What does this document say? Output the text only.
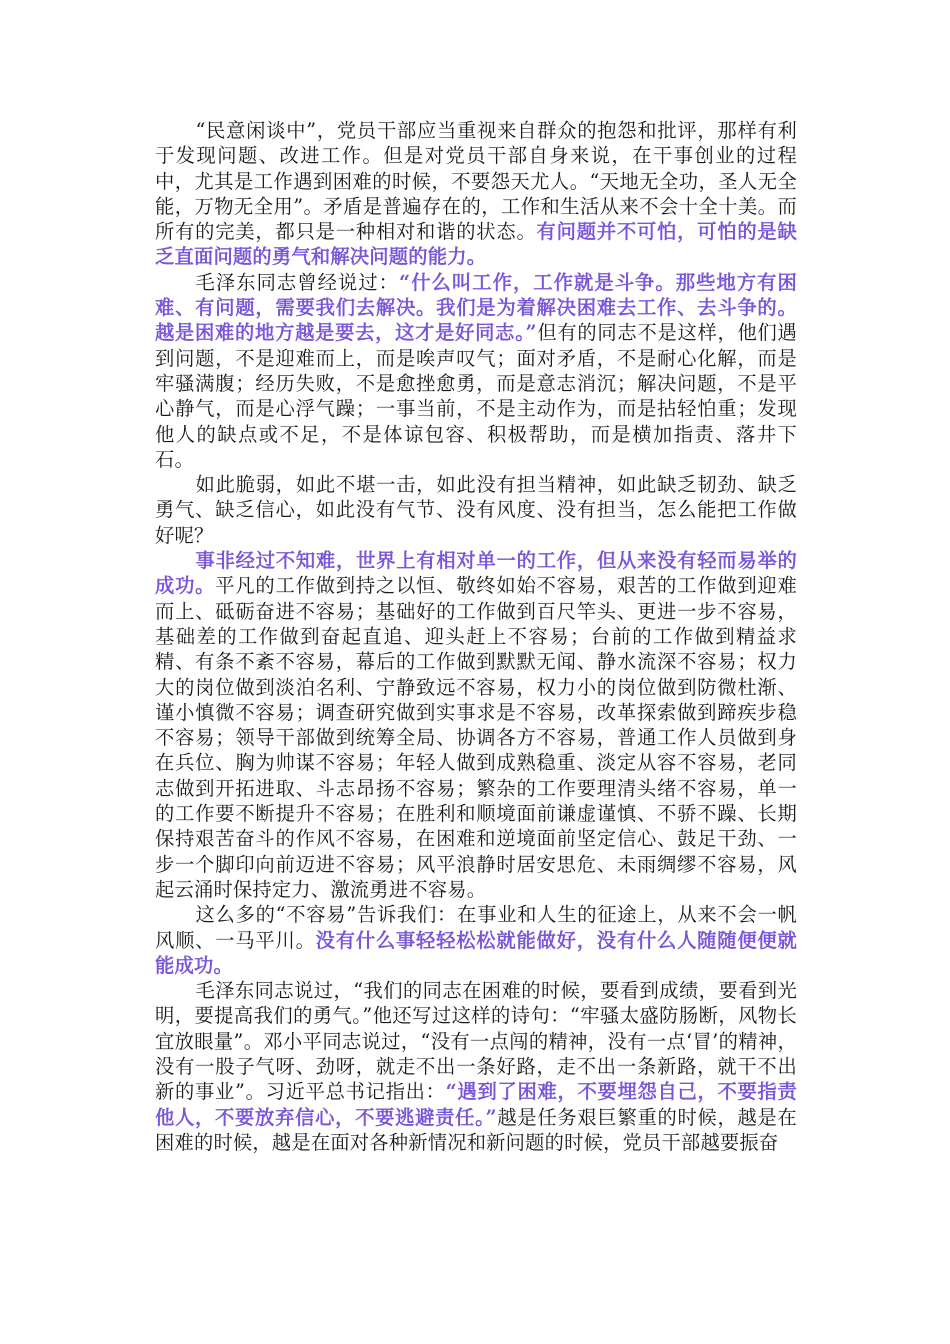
“民意闲谈中”，党员干部应当重视来自群众的抱怨和批评，那样有利于发现问题、改进工作。但是对党员干部自身来说，在干事创业的过程中，尤其是工作遇到困难的时候，不要怨天尤人。“天地无全功，圣人无全能，万物无全用”。矛盾是普遍存在的，工作和生活从来不会十全十美。而所有的完美，都只是一种相对和谐的状态。有问题并不可怕，可怕的是缺乏直面问题的勇气和解决问题的能力。

毛泽东同志曾经说过：“什么叫工作，工作就是斗争。那些地方有困难、有问题，需要我们去解决。我们是为着解决困难去工作、去斗争的。越是困难的地方越是要去，这才是好同志。”但有的同志不是这样，他们遇到问题，不是迎难而上，而是唉声叹气；面对矛盾，不是耐心化解，而是牢骚满腹；经历失败，不是愈挫愈勇，而是意志消沉；解决问题，不是平心静气，而是心浮气躁；一事当前，不是主动作为，而是拈轻怕重；发现他人的缺点或不足，不是体谅包容、积极帮助，而是横加指责、落井下石。

如此脆弱，如此不堪一击，如此没有担当精神，如此缺乏韧劲、缺乏勇气、缺乏信心，如此没有气节、没有风度、没有担当，怎么能把工作做好呢？

事非经过不知难，世界上有相对单一的工作，但从来没有轻而易举的成功。平凡的工作做到持之以恒、敬终如始不容易，艰苦的工作做到迎难而上、砥砺奋进不容易；基础好的工作做到百尺竿头、更进一步不容易，基础差的工作做到奋起直追、迎头赶上不容易；台前的工作做到精益求精、有条不紊不容易，幕后的工作做到默默无闻、静水流深不容易；权力大的岗位做到淡泊名利、宁静致远不容易，权力小的岗位做到防微杜渐、谨小慎微不容易；调查研究做到实事求是不容易，改革探索做到蹄疾步稳不容易；领导干部做到统筹全局、协调各方不容易，普通工作人员做到身在兵位、胸为帅谋不容易；年轻人做到成熟稳重、淡定从容不容易，老同志做到开拓进取、斗志昂扬不容易；繁杂的工作要理清头绪不容易，单一的工作要不断提升不容易；在胜利和顺境面前谦虚谨慎、不骄不躁、长期保持艰苦奋斗的作风不容易，在困难和逆境面前坚定信心、鼓足干劲、一步一个脚印向前迈进不容易；风平浪静时居安思危、未雨绸缪不容易，风起云涌时保持定力、激流勇进不容易。

这么多的“不容易”告诉我们：在事业和人生的征途上，从来不会一帆风顺、一马平川。没有什么事轻轻松松就能做好，没有什么人随随便便就能成功。

毛泽东同志说过，“我们的同志在困难的时候，要看到成绩，要看到光明，要提高我们的勇气。”他还写过这样的诗句：“牢骚太盛防肠断，风物长宜放眼量”。邓小平同志说过，“没有一点闯的精神，没有一点‘冒’的精神，没有一股子气呀、劲呀，就走不出一条好路，走不出一条新路，就干不出新的事业”。习近平总书记指出：“遇到了困难，不要埋怨自己，不要指责他人，不要放弃信心，不要逃避责任。”越是任务艰巨繁重的时候，越是在困难的时候，越是在面对各种新情况和新问题的时候，党员干部越要振奋
